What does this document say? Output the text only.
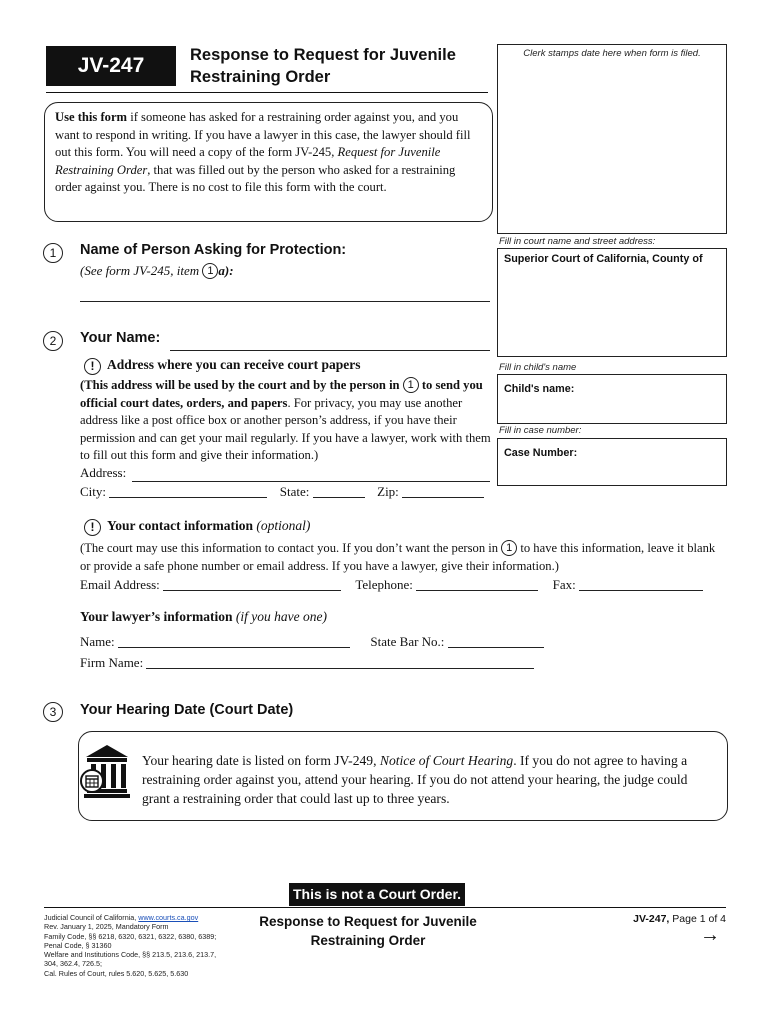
JV-247	Response to Request for Juvenile
Restraining Order
Clerk stamps date here when form is filed.
Use this form if someone has asked for a restraining order against you, and you want to respond in writing. If you have a lawyer in this case, the lawyer should fill out this form. You will need a copy of the form JV-245, Request for Juvenile Restraining Order, that was filled out by the person who asked for a restraining order against you. There is no cost to file this form with the court.
Fill in court name and street address:
Superior Court of California, County of
Fill in child's name
Child's name:
Fill in case number:
Case Number:
1	Name of Person Asking for Protection:
(See form JV-245, item 1 a):
2	Your Name:
! Address where you can receive court papers
(This address will be used by the court and by the person in 1 to send you official court dates, orders, and papers. For privacy, you may use another address like a post office box or another person’s address, if you have their permission and can get your mail regularly. If you have a lawyer, work with them to fill out this form and give their information.)
Address:
City:	State:	Zip:
! Your contact information (optional)
(The court may use this information to contact you. If you don’t want the person in 1 to have this information, leave it blank or provide a safe phone number or email address. If you have a lawyer, give their information.)
Email Address:	Telephone:	Fax:
Your lawyer’s information (if you have one)
Name:	State Bar No.:
Firm Name:
3	Your Hearing Date (Court Date)
Your hearing date is listed on form JV-249, Notice of Court Hearing. If you do not agree to having a restraining order against you, attend your hearing. If you do not attend your hearing, the judge could grant a restraining order that could last up to three years.
This is not a Court Order.
Judicial Council of California, www.courts.ca.gov
Rev. January 1, 2025, Mandatory Form
Family Code, §§ 6218, 6320, 6321, 6322, 6380, 6389;
Penal Code, § 31360
Welfare and Institutions Code, §§ 213.5, 213.6, 213.7,
304, 362.4, 726.5;
Cal. Rules of Court, rules 5.620, 5.625, 5.630
Response to Request for Juvenile
Restraining Order
JV-247, Page 1 of 4
→
